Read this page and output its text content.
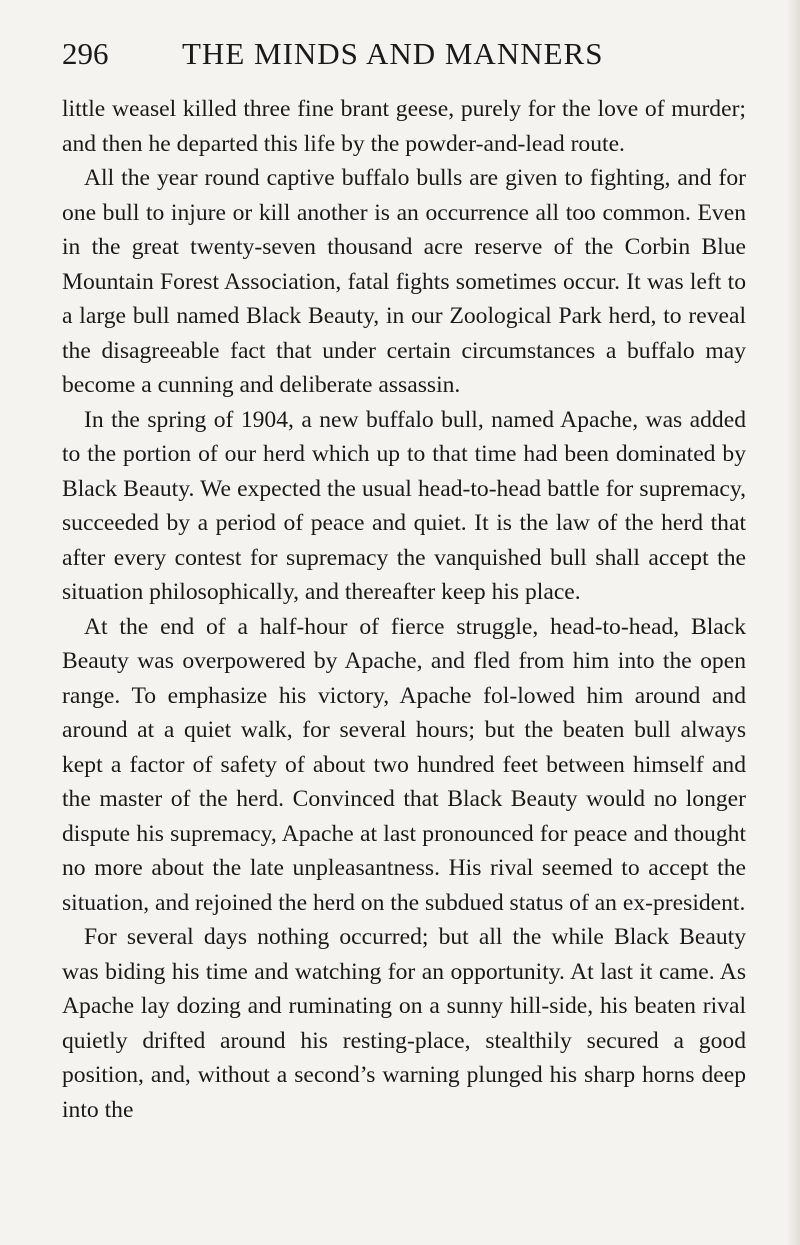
296 THE MINDS AND MANNERS

little weasel killed three fine brant geese, purely for the love of murder; and then he departed this life by the powder-and-lead route.

All the year round captive buffalo bulls are given to fighting, and for one bull to injure or kill another is an occurrence all too common. Even in the great twenty-seven thousand acre reserve of the Corbin Blue Mountain Forest Association, fatal fights sometimes occur. It was left to a large bull named Black Beauty, in our Zoological Park herd, to reveal the disagreeable fact that under certain circumstances a buffalo may become a cunning and deliberate assassin.

In the spring of 1904, a new buffalo bull, named Apache, was added to the portion of our herd which up to that time had been dominated by Black Beauty. We expected the usual head-to-head battle for supremacy, succeeded by a period of peace and quiet. It is the law of the herd that after every contest for supremacy the vanquished bull shall accept the situation philosophically, and thereafter keep his place.

At the end of a half-hour of fierce struggle, head-to-head, Black Beauty was overpowered by Apache, and fled from him into the open range. To emphasize his victory, Apache fol-lowed him around and around at a quiet walk, for several hours; but the beaten bull always kept a factor of safety of about two hundred feet between himself and the master of the herd. Convinced that Black Beauty would no longer dispute his supremacy, Apache at last pronounced for peace and thought no more about the late unpleasantness. His rival seemed to accept the situation, and rejoined the herd on the subdued status of an ex-president.

For several days nothing occurred; but all the while Black Beauty was biding his time and watching for an opportunity. At last it came. As Apache lay dozing and ruminating on a sunny hill-side, his beaten rival quietly drifted around his resting-place, stealthily secured a good position, and, without a second’s warning plunged his sharp horns deep into the
